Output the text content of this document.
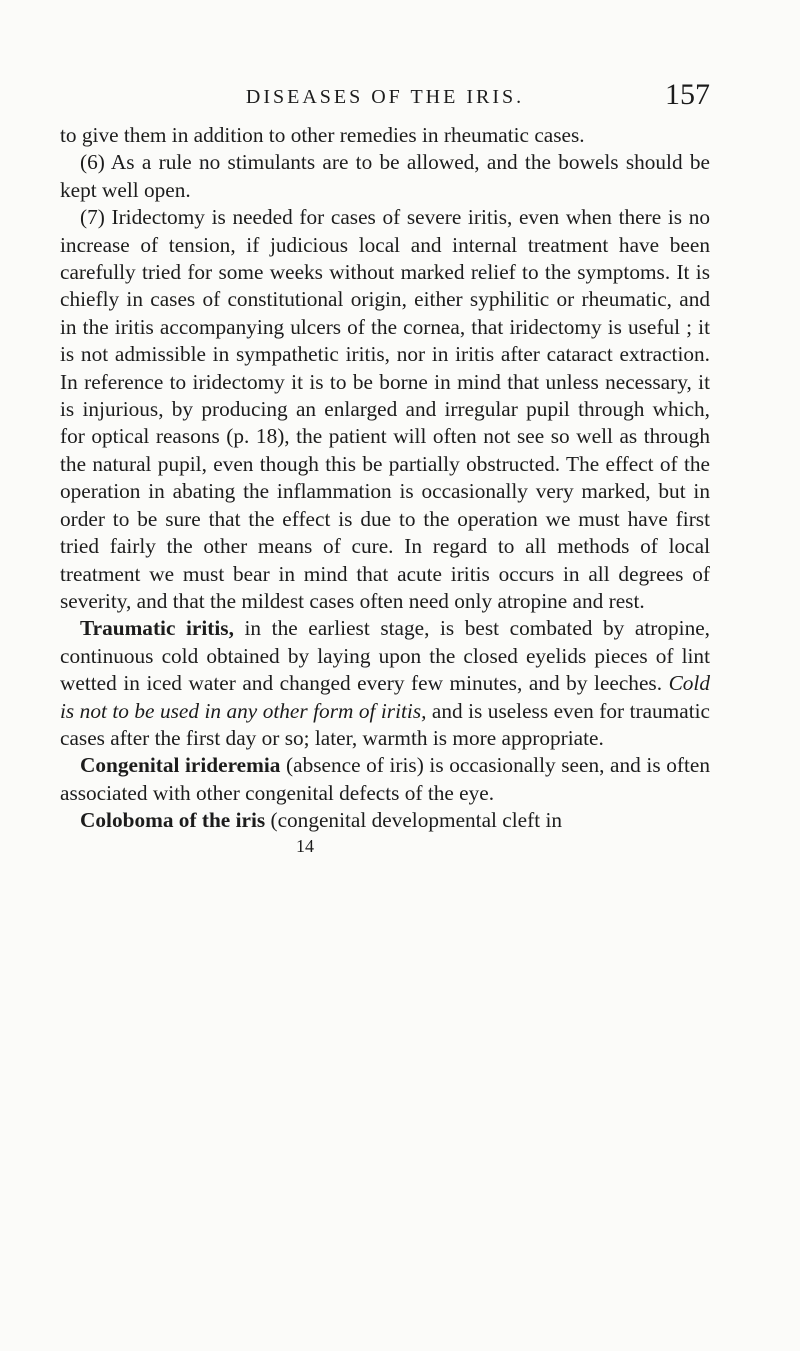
DISEASES OF THE IRIS.	157

to give them in addition to other remedies in rheumatic cases.

(6) As a rule no stimulants are to be allowed, and the bowels should be kept well open.

(7) Iridectomy is needed for cases of severe iritis, even when there is no increase of tension, if judicious local and internal treatment have been carefully tried for some weeks without marked relief to the symptoms. It is chiefly in cases of constitutional origin, either syphilitic or rheumatic, and in the iritis accompanying ulcers of the cornea, that iridectomy is useful ; it is not admissible in sympathetic iritis, nor in iritis after cataract extraction. In reference to iridectomy it is to be borne in mind that unless necessary, it is injurious, by producing an enlarged and irregular pupil through which, for optical reasons (p. 18), the patient will often not see so well as through the natural pupil, even though this be partially obstructed. The effect of the operation in abating the inflammation is occasionally very marked, but in order to be sure that the effect is due to the operation we must have first tried fairly the other means of cure. In regard to all methods of local treatment we must bear in mind that acute iritis occurs in all degrees of severity, and that the mildest cases often need only atropine and rest.

Traumatic iritis, in the earliest stage, is best combated by atropine, continuous cold obtained by laying upon the closed eyelids pieces of lint wetted in iced water and changed every few minutes, and by leeches. Cold is not to be used in any other form of iritis, and is useless even for traumatic cases after the first day or so; later, warmth is more appropriate.

Congenital irideremia (absence of iris) is occasionally seen, and is often associated with other congenital defects of the eye.

Coloboma of the iris (congenital developmental cleft in

14
